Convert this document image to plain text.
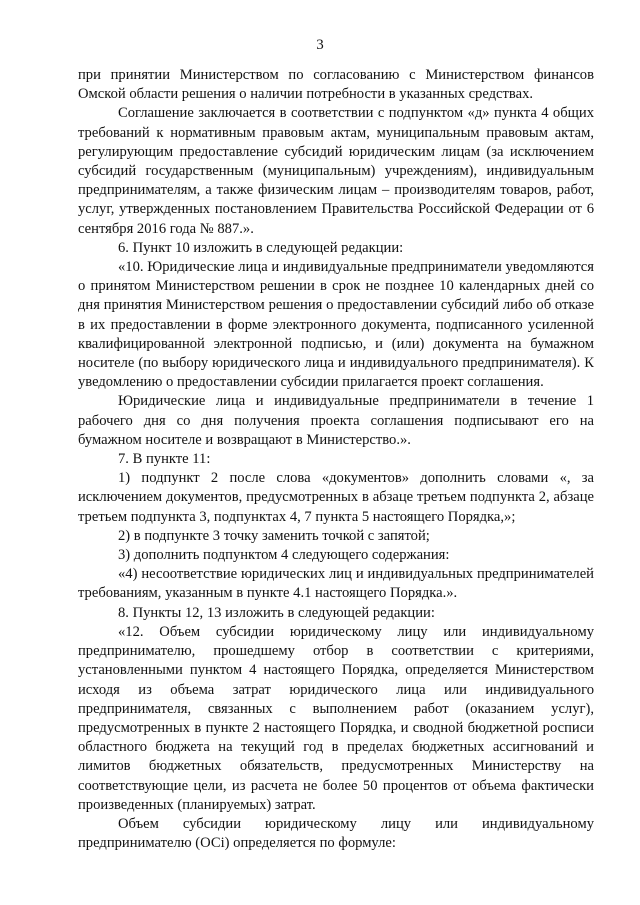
3

при принятии Министерством по согласованию с Министерством финансов Омской области решения о наличии потребности в указанных средствах.

Соглашение заключается в соответствии с подпунктом «д» пункта 4 общих требований к нормативным правовым актам, муниципальным правовым актам, регулирующим предоставление субсидий юридическим лицам (за исключением субсидий государственным (муниципальным) учреждениям), индивидуальным предпринимателям, а также физическим лицам – производителям товаров, работ, услуг, утвержденных постановлением Правительства Российской Федерации от 6 сентября 2016 года № 887.».

6. Пункт 10 изложить в следующей редакции:

«10. Юридические лица и индивидуальные предприниматели уведомляются о принятом Министерством решении в срок не позднее 10 календарных дней со дня принятия Министерством решения о предоставлении субсидий либо об отказе в их предоставлении в форме электронного документа, подписанного усиленной квалифицированной электронной подписью, и (или) документа на бумажном носителе (по выбору юридического лица и индивидуального предпринимателя). К уведомлению о предоставлении субсидии прилагается проект соглашения.

Юридические лица и индивидуальные предприниматели в течение 1 рабочего дня со дня получения проекта соглашения подписывают его на бумажном носителе и возвращают в Министерство.».

7. В пункте 11:

1) подпункт 2 после слова «документов» дополнить словами «, за исключением документов, предусмотренных в абзаце третьем подпункта 2, абзаце третьем подпункта 3, подпунктах 4, 7 пункта 5 настоящего Порядка,»;

2) в подпункте 3 точку заменить точкой с запятой;

3) дополнить подпунктом 4 следующего содержания:

«4) несоответствие юридических лиц и индивидуальных предпринимателей требованиям, указанным в пункте 4.1 настоящего Порядка.».

8. Пункты 12, 13 изложить в следующей редакции:

«12. Объем субсидии юридическому лицу или индивидуальному предпринимателю, прошедшему отбор в соответствии с критериями, установленными пунктом 4 настоящего Порядка, определяется Министерством исходя из объема затрат юридического лица или индивидуального предпринимателя, связанных с выполнением работ (оказанием услуг), предусмотренных в пункте 2 настоящего Порядка, и сводной бюджетной росписи областного бюджета на текущий год в пределах бюджетных ассигнований и лимитов бюджетных обязательств, предусмотренных Министерству на соответствующие цели, из расчета не более 50 процентов от объема фактически произведенных (планируемых) затрат.

Объем субсидии юридическому лицу или индивидуальному предпринимателю (ОСi) определяется по формуле:
